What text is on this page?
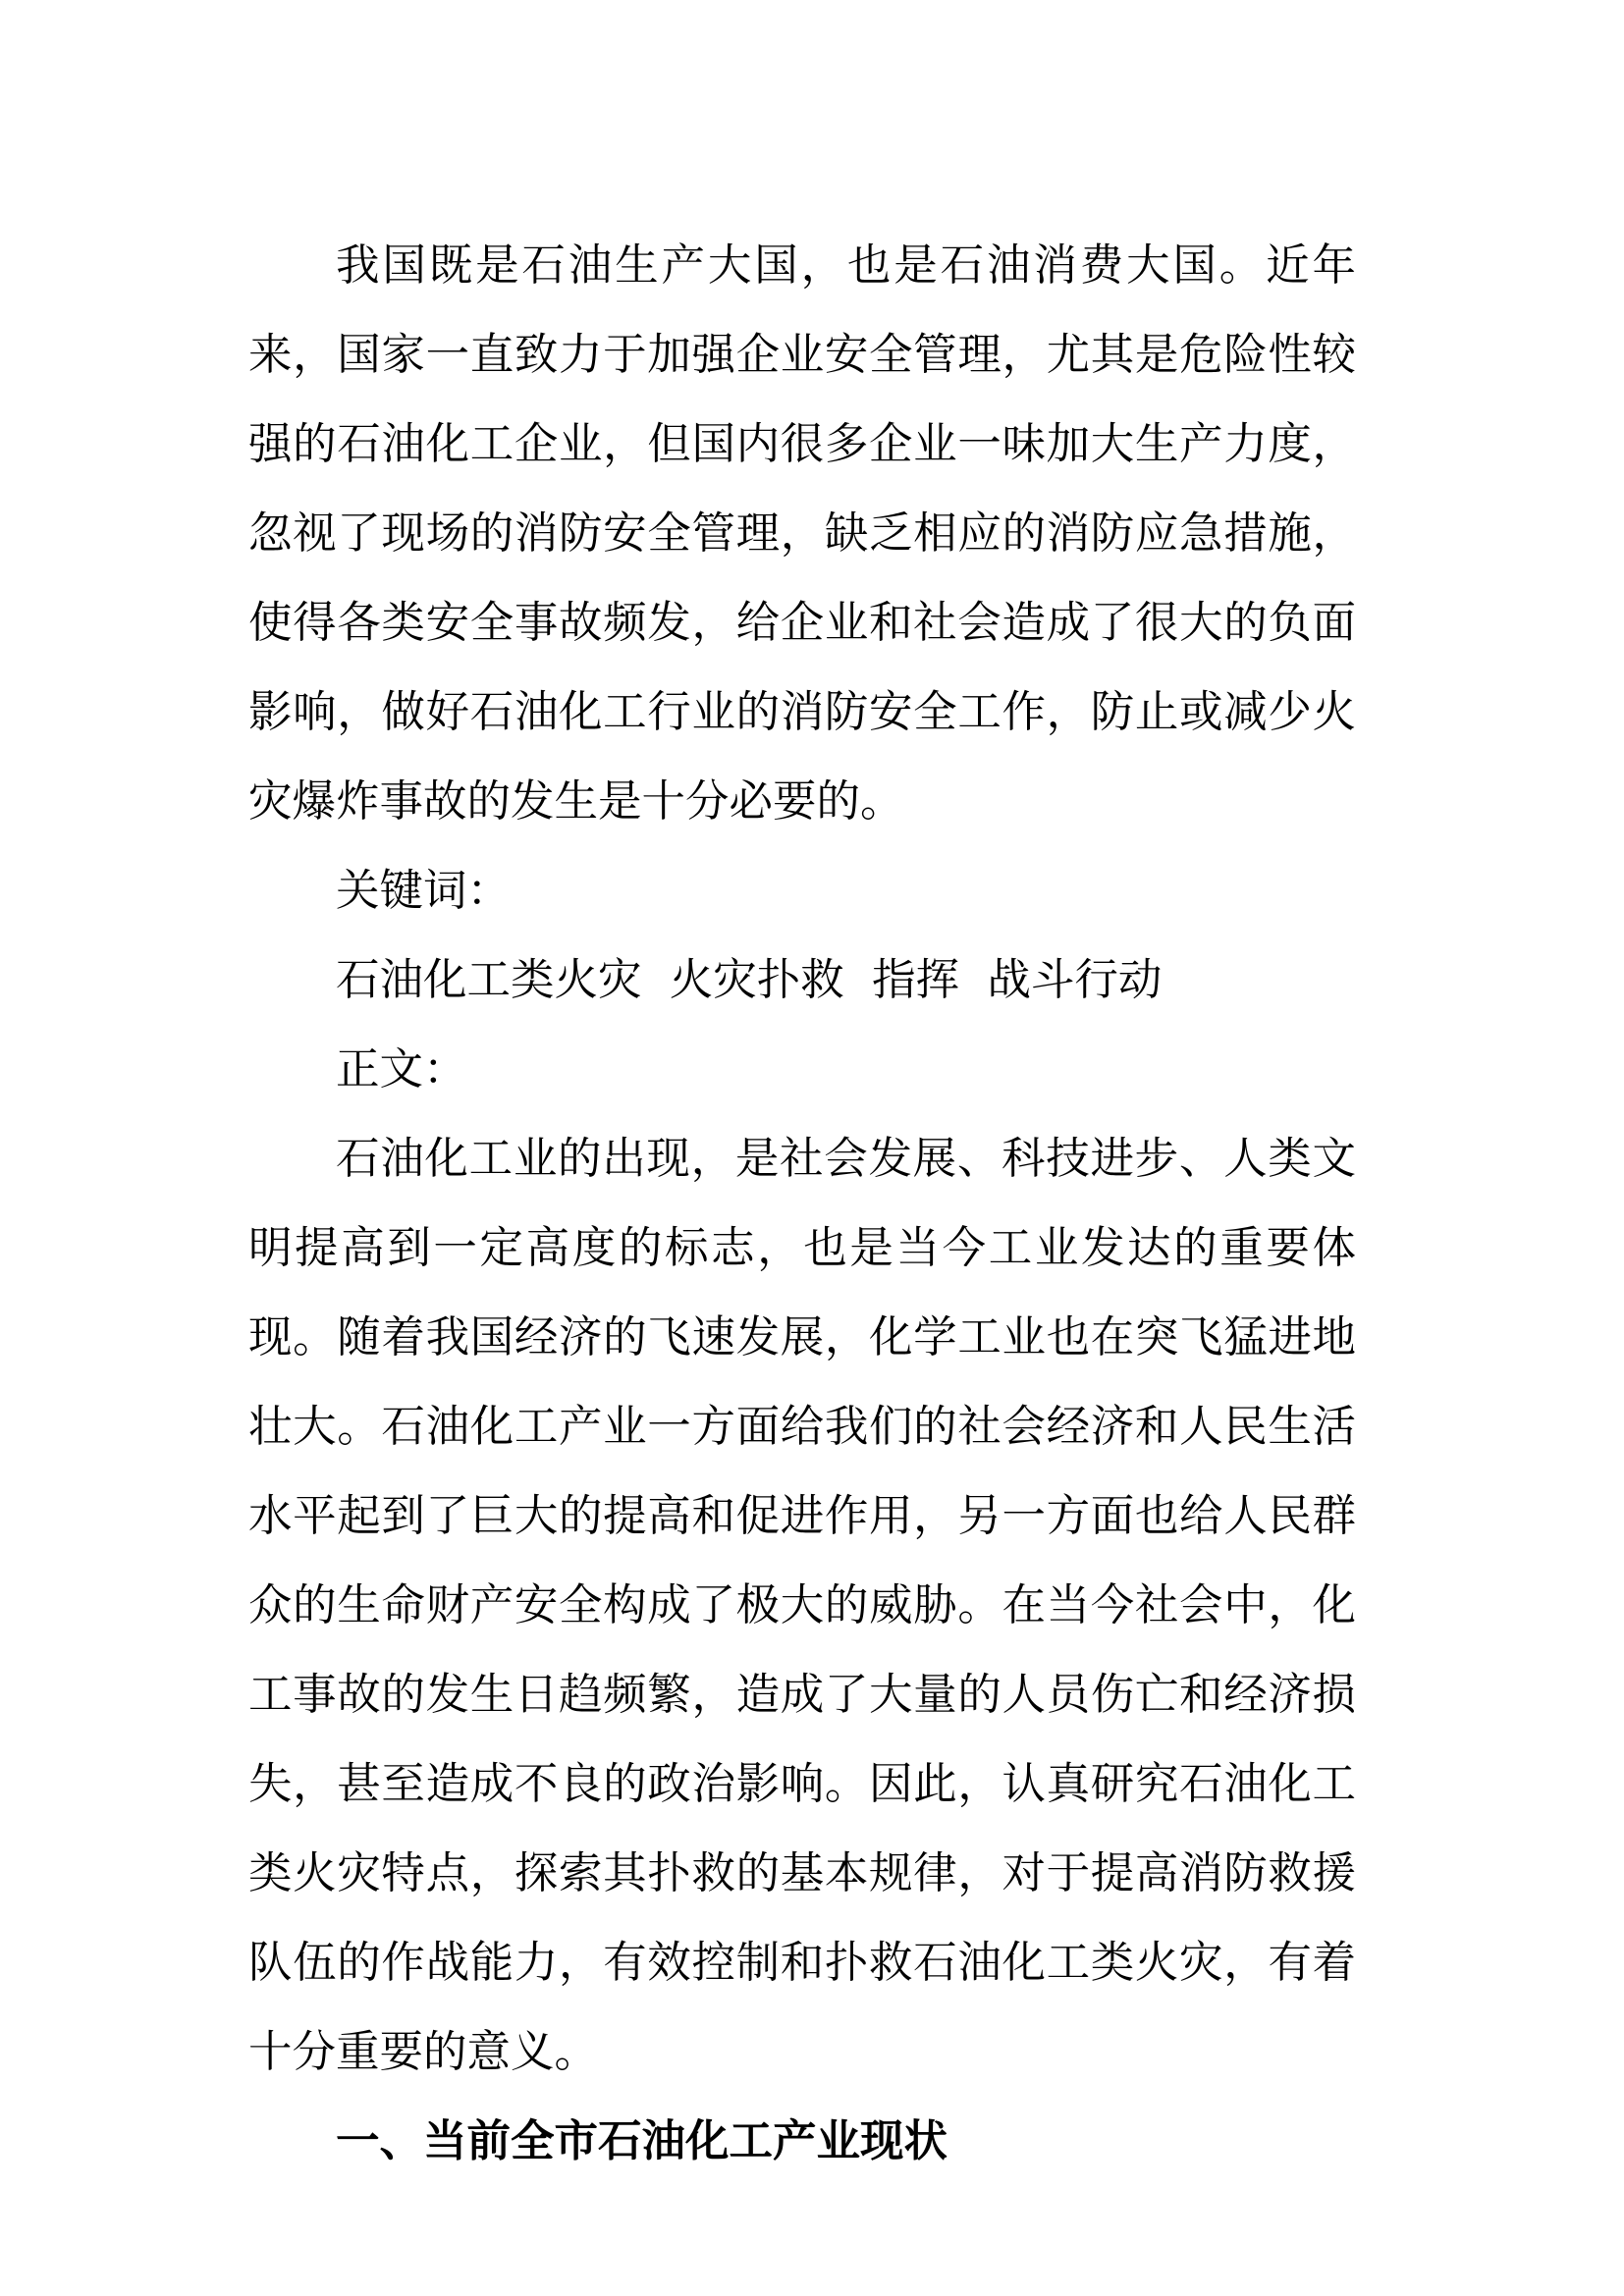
我国既是石油生产大国，也是石油消费大国。近年来，国家一直致力于加强企业安全管理，尤其是危险性较强的石油化工企业，但国内很多企业一味加大生产力度，忽视了现场的消防安全管理，缺乏相应的消防应急措施，使得各类安全事故频发，给企业和社会造成了很大的负面影响，做好石油化工行业的消防安全工作，防止或减少火灾爆炸事故的发生是十分必要的。

关键词：

石油化工类火灾  火灾扑救  指挥  战斗行动

正文：

石油化工业的出现，是社会发展、科技进步、人类文明提高到一定高度的标志，也是当今工业发达的重要体现。随着我国经济的飞速发展，化学工业也在突飞猛进地壮大。石油化工产业一方面给我们的社会经济和人民生活水平起到了巨大的提高和促进作用，另一方面也给人民群众的生命财产安全构成了极大的威胁。在当今社会中，化工事故的发生日趋频繁，造成了大量的人员伤亡和经济损失，甚至造成不良的政治影响。因此，认真研究石油化工类火灾特点，探索其扑救的基本规律，对于提高消防救援队伍的作战能力，有效控制和扑救石油化工类火灾，有着十分重要的意义。

一、当前全市石油化工产业现状
